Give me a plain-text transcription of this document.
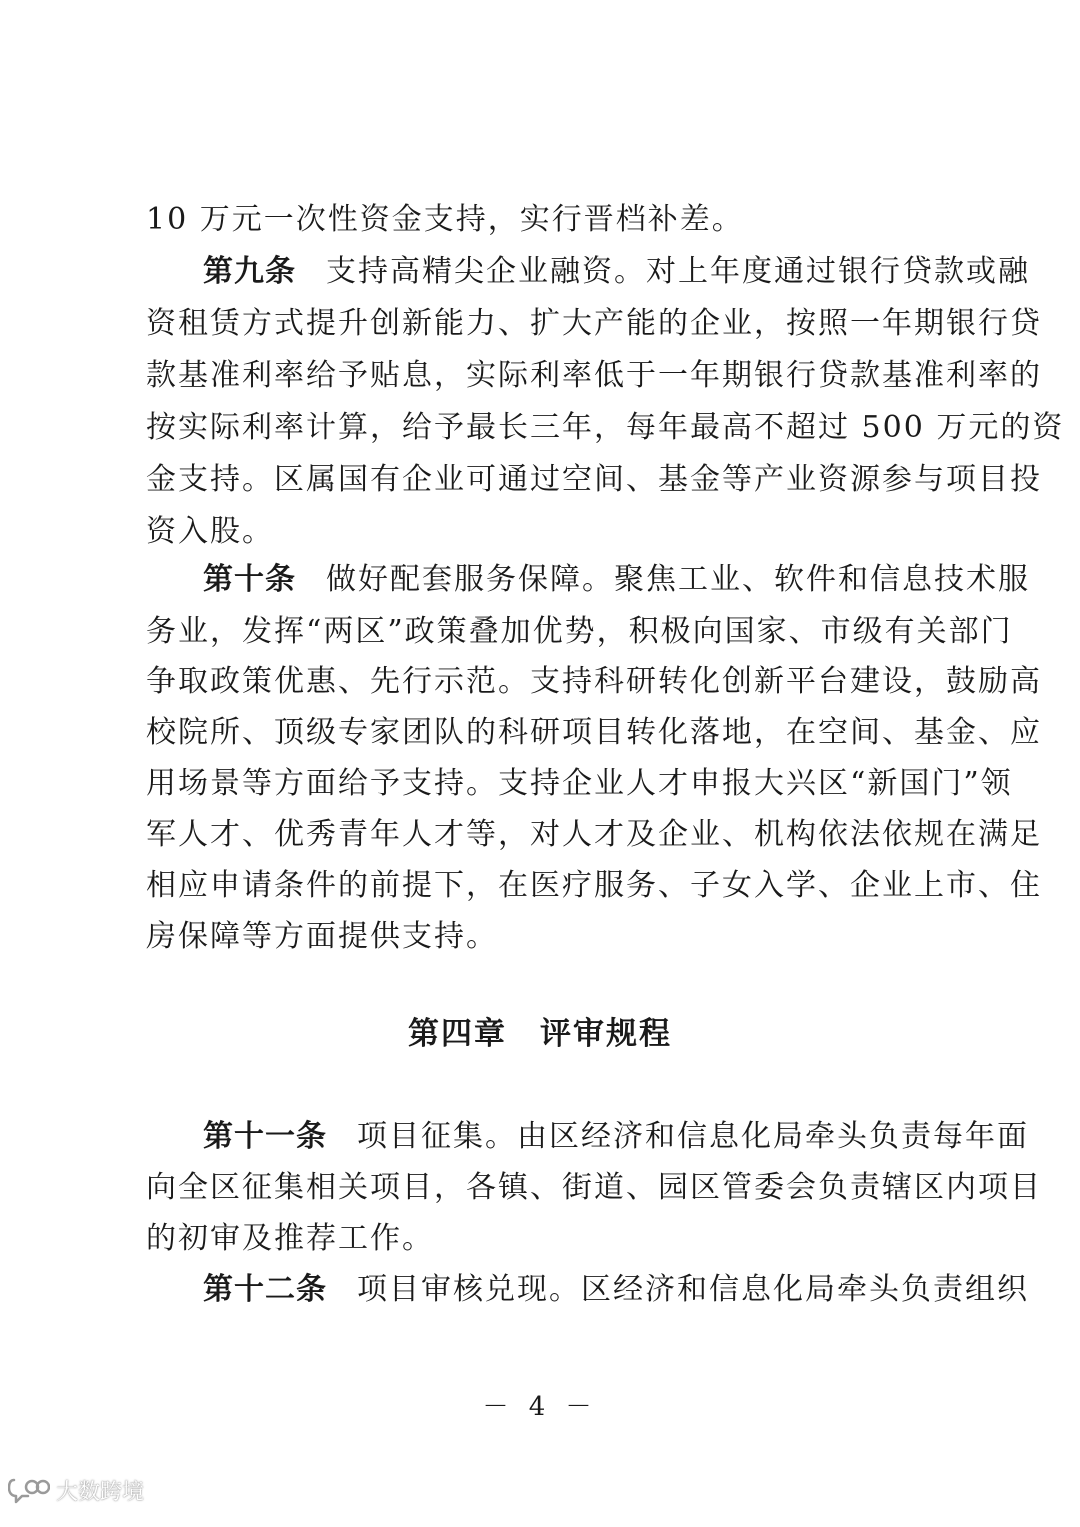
10 万元一次性资金支持，实行晋档补差。
第九条 支持高精尖企业融资。对上年度通过银行贷款或融
资租赁方式提升创新能力、扩大产能的企业，按照一年期银行贷
款基准利率给予贴息，实际利率低于一年期银行贷款基准利率的
按实际利率计算，给予最长三年，每年最高不超过 500 万元的资
金支持。区属国有企业可通过空间、基金等产业资源参与项目投
资入股。
第十条 做好配套服务保障。聚焦工业、软件和信息技术服
务业，发挥“两区”政策叠加优势，积极向国家、市级有关部门
争取政策优惠、先行示范。支持科研转化创新平台建设，鼓励高
校院所、顶级专家团队的科研项目转化落地，在空间、基金、应
用场景等方面给予支持。支持企业人才申报大兴区“新国门”领
军人才、优秀青年人才等，对人才及企业、机构依法依规在满足
相应申请条件的前提下，在医疗服务、子女入学、企业上市、住
房保障等方面提供支持。
第四章　评审规程
第十一条 项目征集。由区经济和信息化局牵头负责每年面
向全区征集相关项目，各镇、街道、园区管委会负责辖区内项目
的初审及推荐工作。
第十二条 项目审核兑现。区经济和信息化局牵头负责组织
－ 4 －
大数跨境
